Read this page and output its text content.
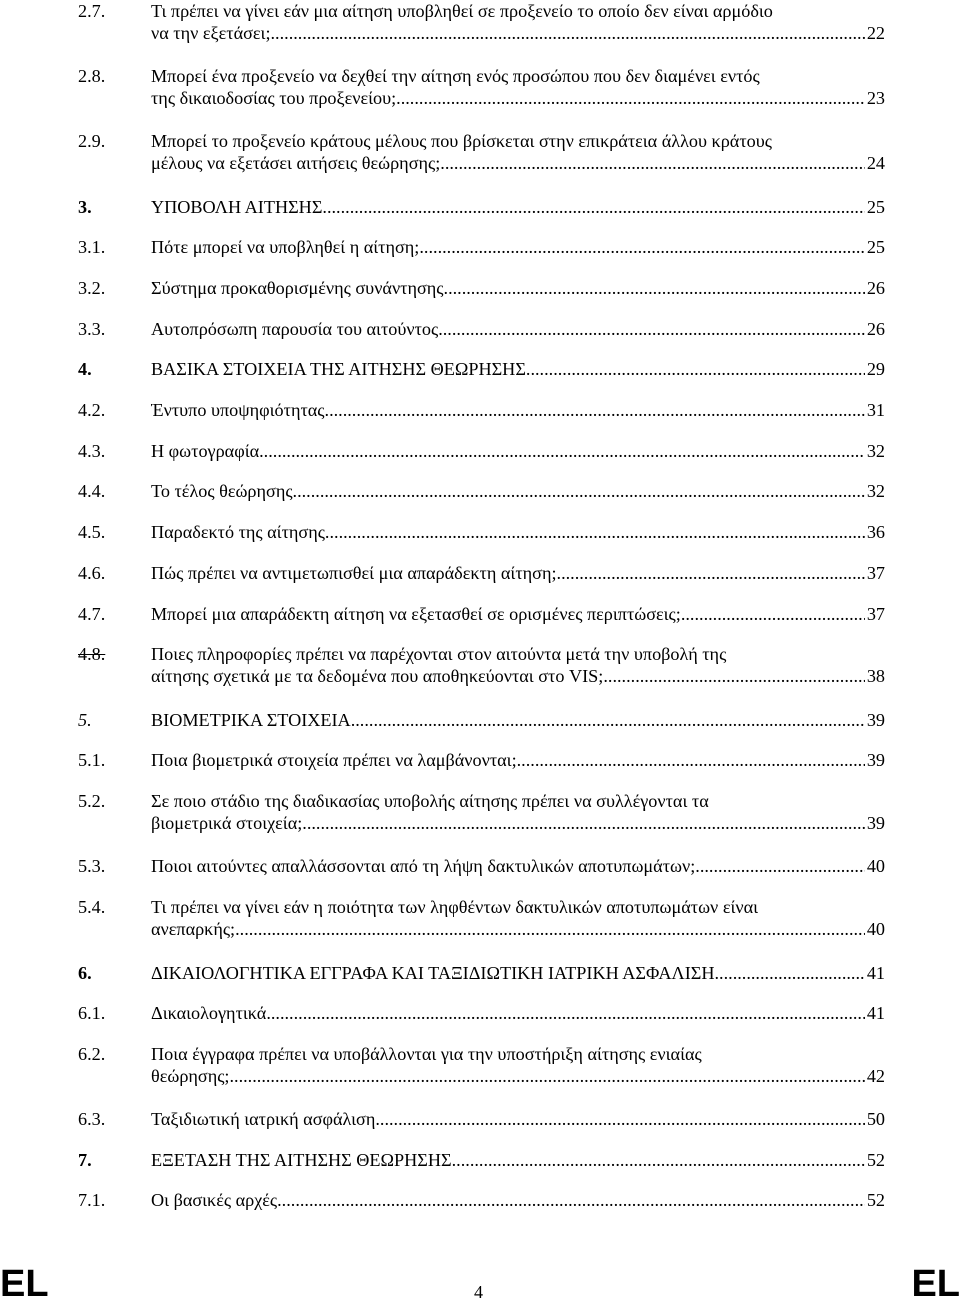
2.7.	Τι πρέπει να γίνει εάν μια αίτηση υποβληθεί σε προξενείο το οποίο δεν είναι αρμόδιο
να την εξετάσει; .....	22
2.8.	Μπορεί ένα προξενείο να δεχθεί την αίτηση ενός προσώπου που δεν διαμένει εντός
της δικαιοδοσίας του προξενείου; .....	23
2.9.	Μπορεί το προξενείο κράτους μέλους που βρίσκεται στην επικράτεια άλλου κράτους
μέλους να εξετάσει αιτήσεις θεώρησης; .....	24
3.	ΥΠΟΒΟΛΗ ΑΙΤΗΣΗΣ .....	25
3.1.	Πότε μπορεί να υποβληθεί η αίτηση; .....	25
3.2.	Σύστημα προκαθορισμένης συνάντησης .....	26
3.3.	Αυτοπρόσωπη παρουσία του αιτούντος .....	26
4.	ΒΑΣΙΚΑ ΣΤΟΙΧΕΙΑ ΤΗΣ ΑΙΤΗΣΗΣ ΘΕΩΡΗΣΗΣ .....	29
4.2.	Έντυπο υποψηφιότητας .....	31
4.3.	Η φωτογραφία .....	32
4.4.	Το τέλος θεώρησης .....	32
4.5.	Παραδεκτό της αίτησης .....	36
4.6.	Πώς πρέπει να αντιμετωπισθεί μια απαράδεκτη αίτηση; .....	37
4.7.	Μπορεί μια απαράδεκτη αίτηση να εξετασθεί σε ορισμένες περιπτώσεις; .....	37
4.8.	Ποιες πληροφορίες πρέπει να παρέχονται στον αιτούντα μετά την υποβολή της
αίτησης σχετικά με τα δεδομένα που αποθηκεύονται στο VIS; .....	38
5.	ΒΙΟΜΕΤΡΙΚΑ ΣΤΟΙΧΕΙΑ .....	39
5.1.	Ποια βιομετρικά στοιχεία πρέπει να λαμβάνονται; .....	39
5.2.	Σε ποιο στάδιο της διαδικασίας υποβολής αίτησης πρέπει να συλλέγονται τα
βιομετρικά στοιχεία; .....	39
5.3.	Ποιοι αιτούντες απαλλάσσονται από τη λήψη δακτυλικών αποτυπωμάτων; .....	40
5.4.	Τι πρέπει να γίνει εάν η ποιότητα των ληφθέντων δακτυλικών αποτυπωμάτων είναι
ανεπαρκής; .....	40
6.	ΔΙΚΑΙΟΛΟΓΗΤΙΚΑ ΕΓΓΡΑΦΑ ΚΑΙ ΤΑΞΙΔΙΩΤΙΚΗ ΙΑΤΡΙΚΗ ΑΣΦΑΛΙΣΗ .....	41
6.1.	Δικαιολογητικά .....	41
6.2.	Ποια έγγραφα πρέπει να υποβάλλονται για την υποστήριξη αίτησης ενιαίας
θεώρησης; .....	42
6.3.	Ταξιδιωτική ιατρική ασφάλιση .....	50
7.	ΕΞΕΤΑΣΗ ΤΗΣ ΑΙΤΗΣΗΣ ΘΕΩΡΗΣΗΣ .....	52
7.1.	Οι βασικές αρχές .....	52
EL	4	EL
